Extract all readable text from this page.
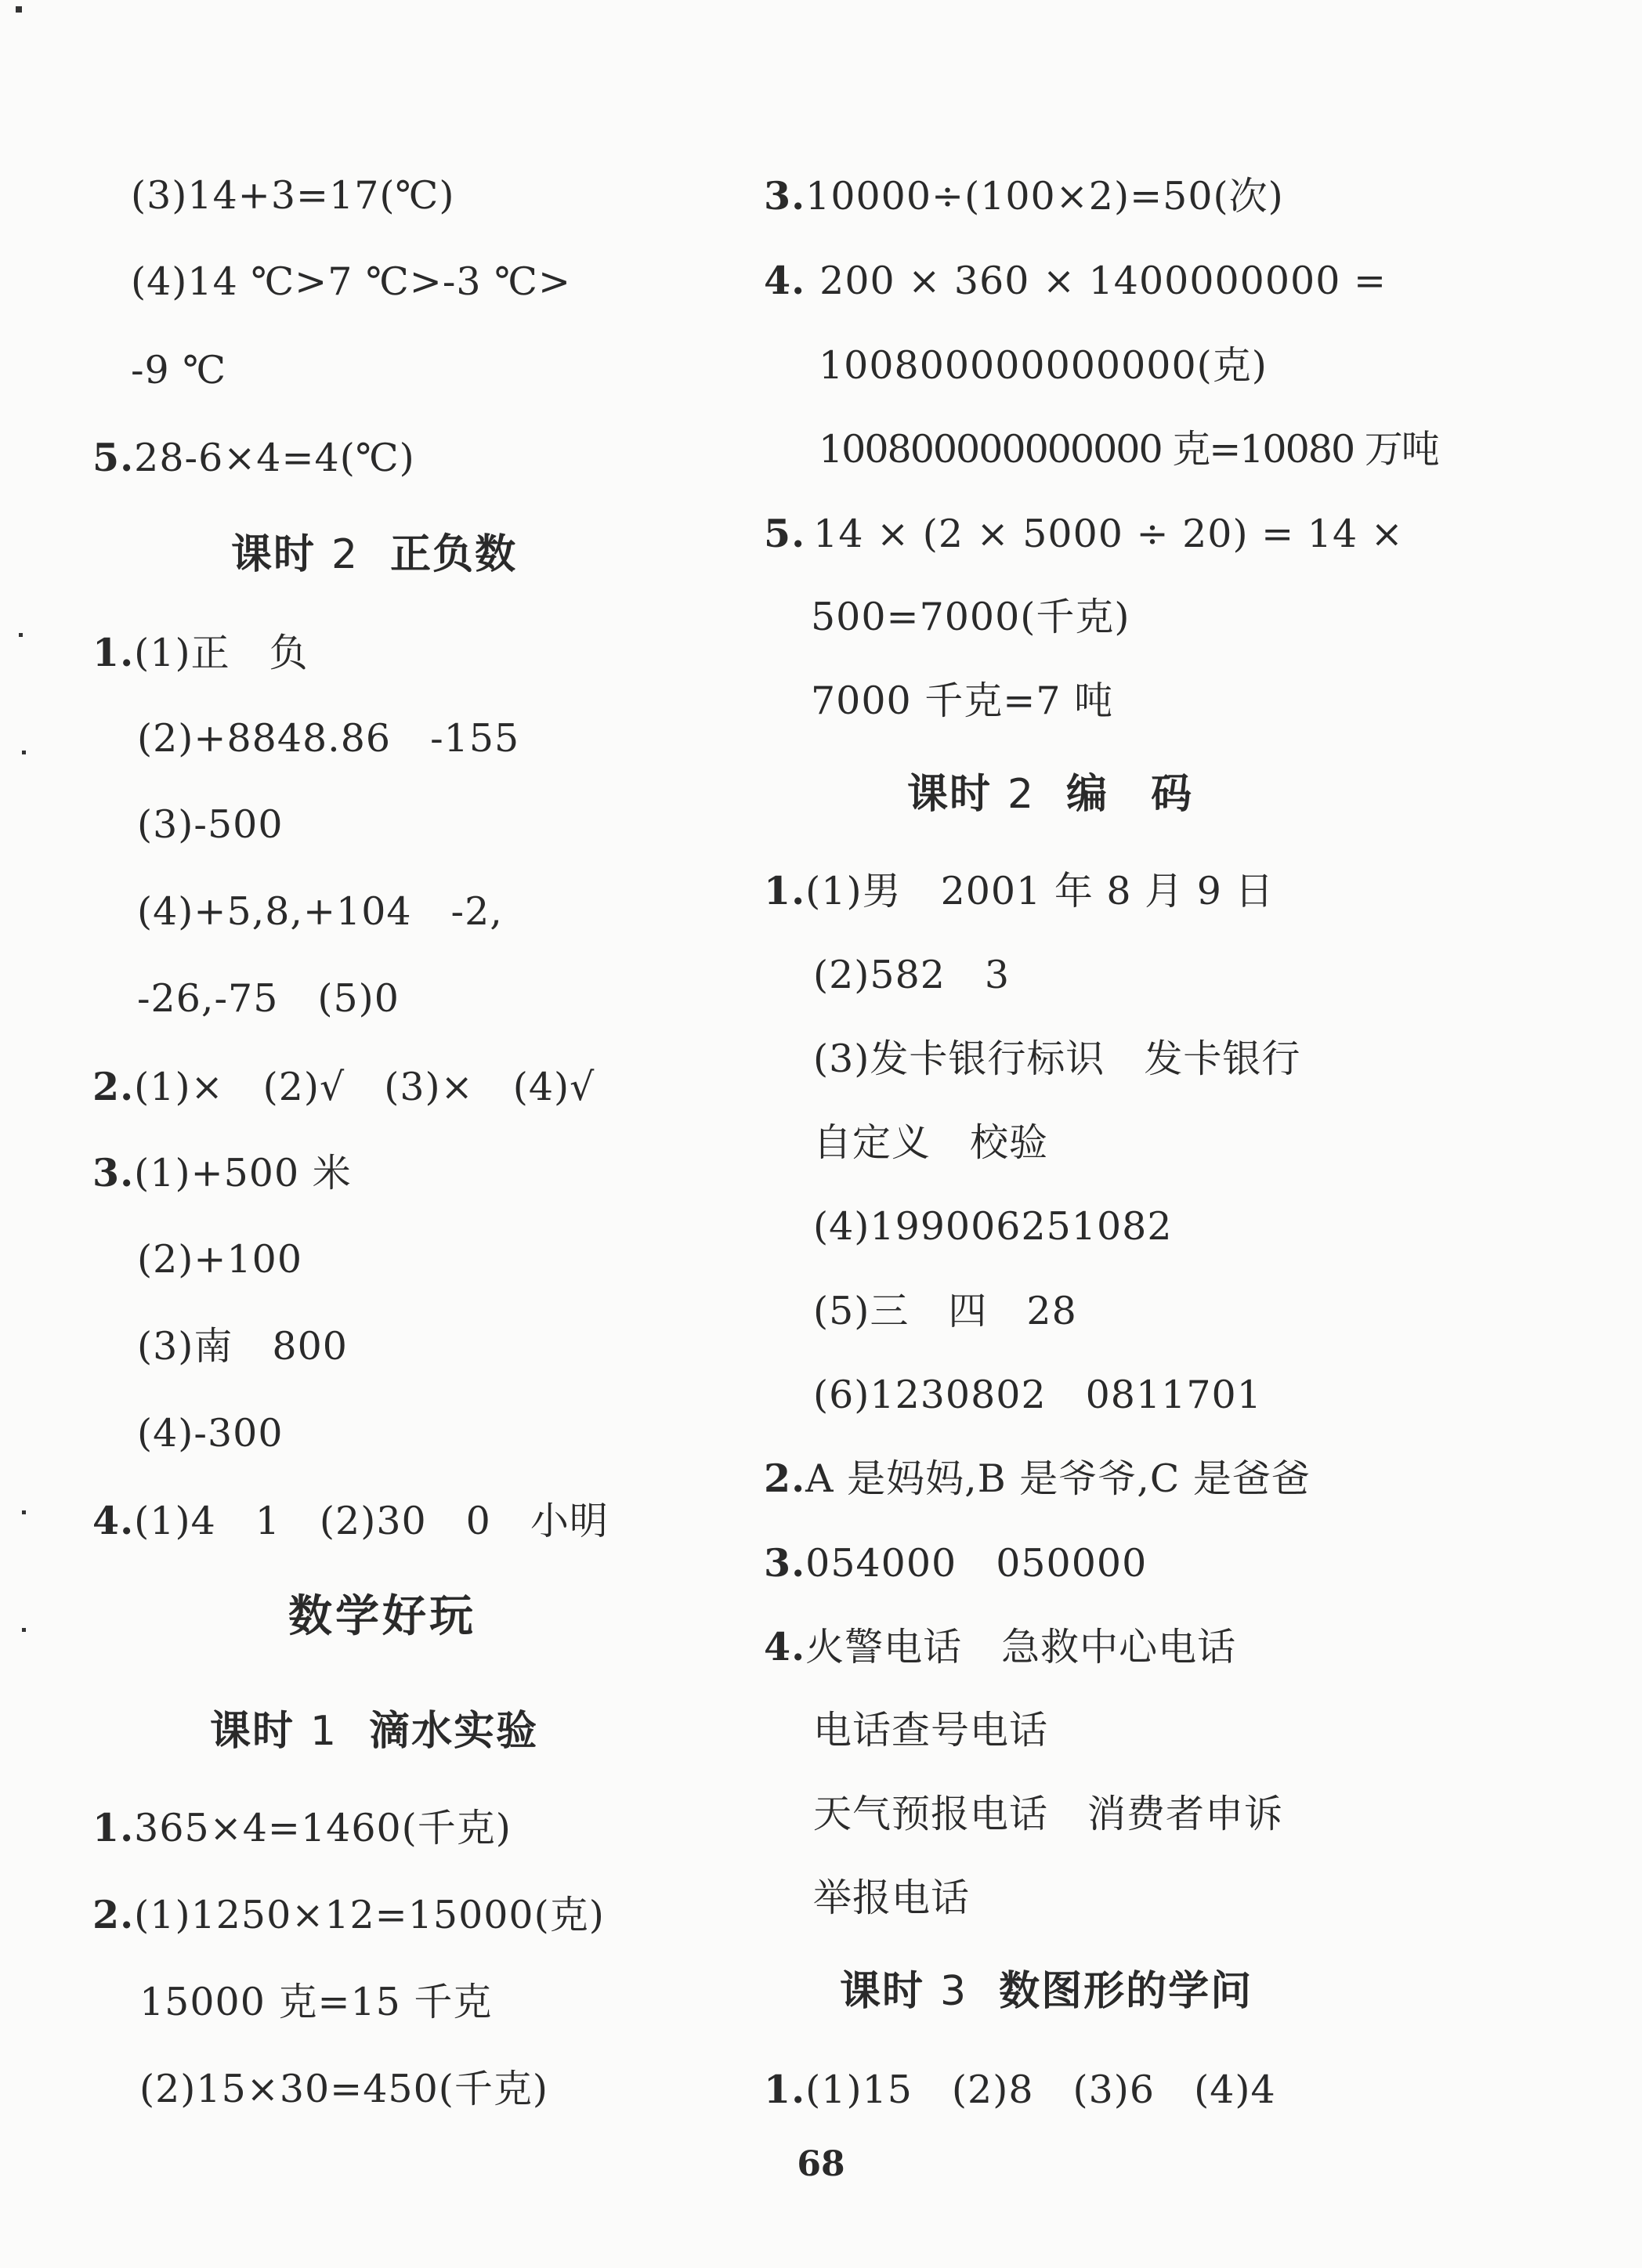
(3)14+3=17(℃)
(4)14 ℃>7 ℃>-3 ℃>
-9 ℃
5.28-6×4=4(℃)
课时 2 正负数
1.(1)正　负
(2)+8848.86　-155
(3)-500
(4)+5,8,+104　-2,
-26,-75　(5)0
2.(1)×　(2)√　(3)×　(4)√
3.(1)+500 米
(2)+100
(3)南　800
(4)-300
4.(1)4　1　(2)30　0　小明
数学好玩
课时 1 滴水实验
1.365×4=1460(千克)
2.(1)1250×12=15000(克)
15000 克=15 千克
(2)15×30=450(千克)
3.10000÷(100×2)=50(次)
4. 200 × 360 × 1400000000 =
100800000000000(克)
100800000000000 克=10080 万吨
5. 14 × (2 × 5000 ÷ 20) = 14 ×
500=7000(千克)
7000 千克=7 吨
课时 2 编　码
1.(1)男　2001 年 8 月 9 日
(2)582　3
(3)发卡银行标识　发卡银行
自定义　校验
(4)199006251082
(5)三　四　28
(6)1230802　0811701
2.A 是妈妈,B 是爷爷,C 是爸爸
3.054000　050000
4.火警电话　急救中心电话
电话查号电话
天气预报电话　消费者申诉
举报电话
课时 3 数图形的学问
1.(1)15　(2)8　(3)6　(4)4
68
